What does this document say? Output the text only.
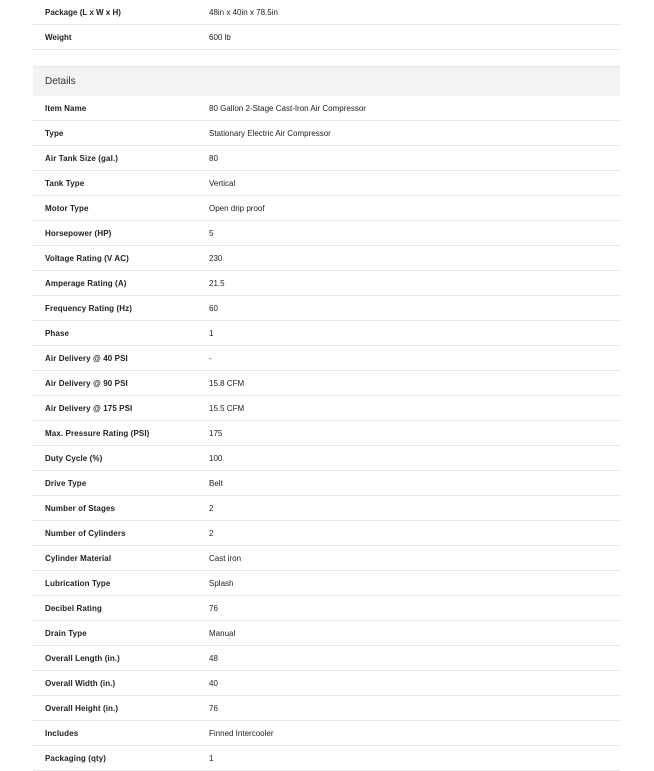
Package (L x W x H)	48in x 40in x 78.5in
Weight	600 lb
Details
Item Name	80 Gallon 2-Stage Cast-Iron Air Compressor
Type	Stationary Electric Air Compressor
Air Tank Size (gal.)	80
Tank Type	Vertical
Motor Type	Open drip proof
Horsepower (HP)	5
Voltage Rating (V AC)	230
Amperage Rating (A)	21.5
Frequency Rating (Hz)	60
Phase	1
Air Delivery @ 40 PSI	-
Air Delivery @ 90 PSI	15.8 CFM
Air Delivery @ 175 PSI	15.5 CFM
Max. Pressure Rating (PSI)	175
Duty Cycle (%)	100
Drive Type	Belt
Number of Stages	2
Number of Cylinders	2
Cylinder Material	Cast iron
Lubrication Type	Splash
Decibel Rating	76
Drain Type	Manual
Overall Length (in.)	48
Overall Width (in.)	40
Overall Height (in.)	76
Includes	Finned Intercooler
Packaging (qty)	1
